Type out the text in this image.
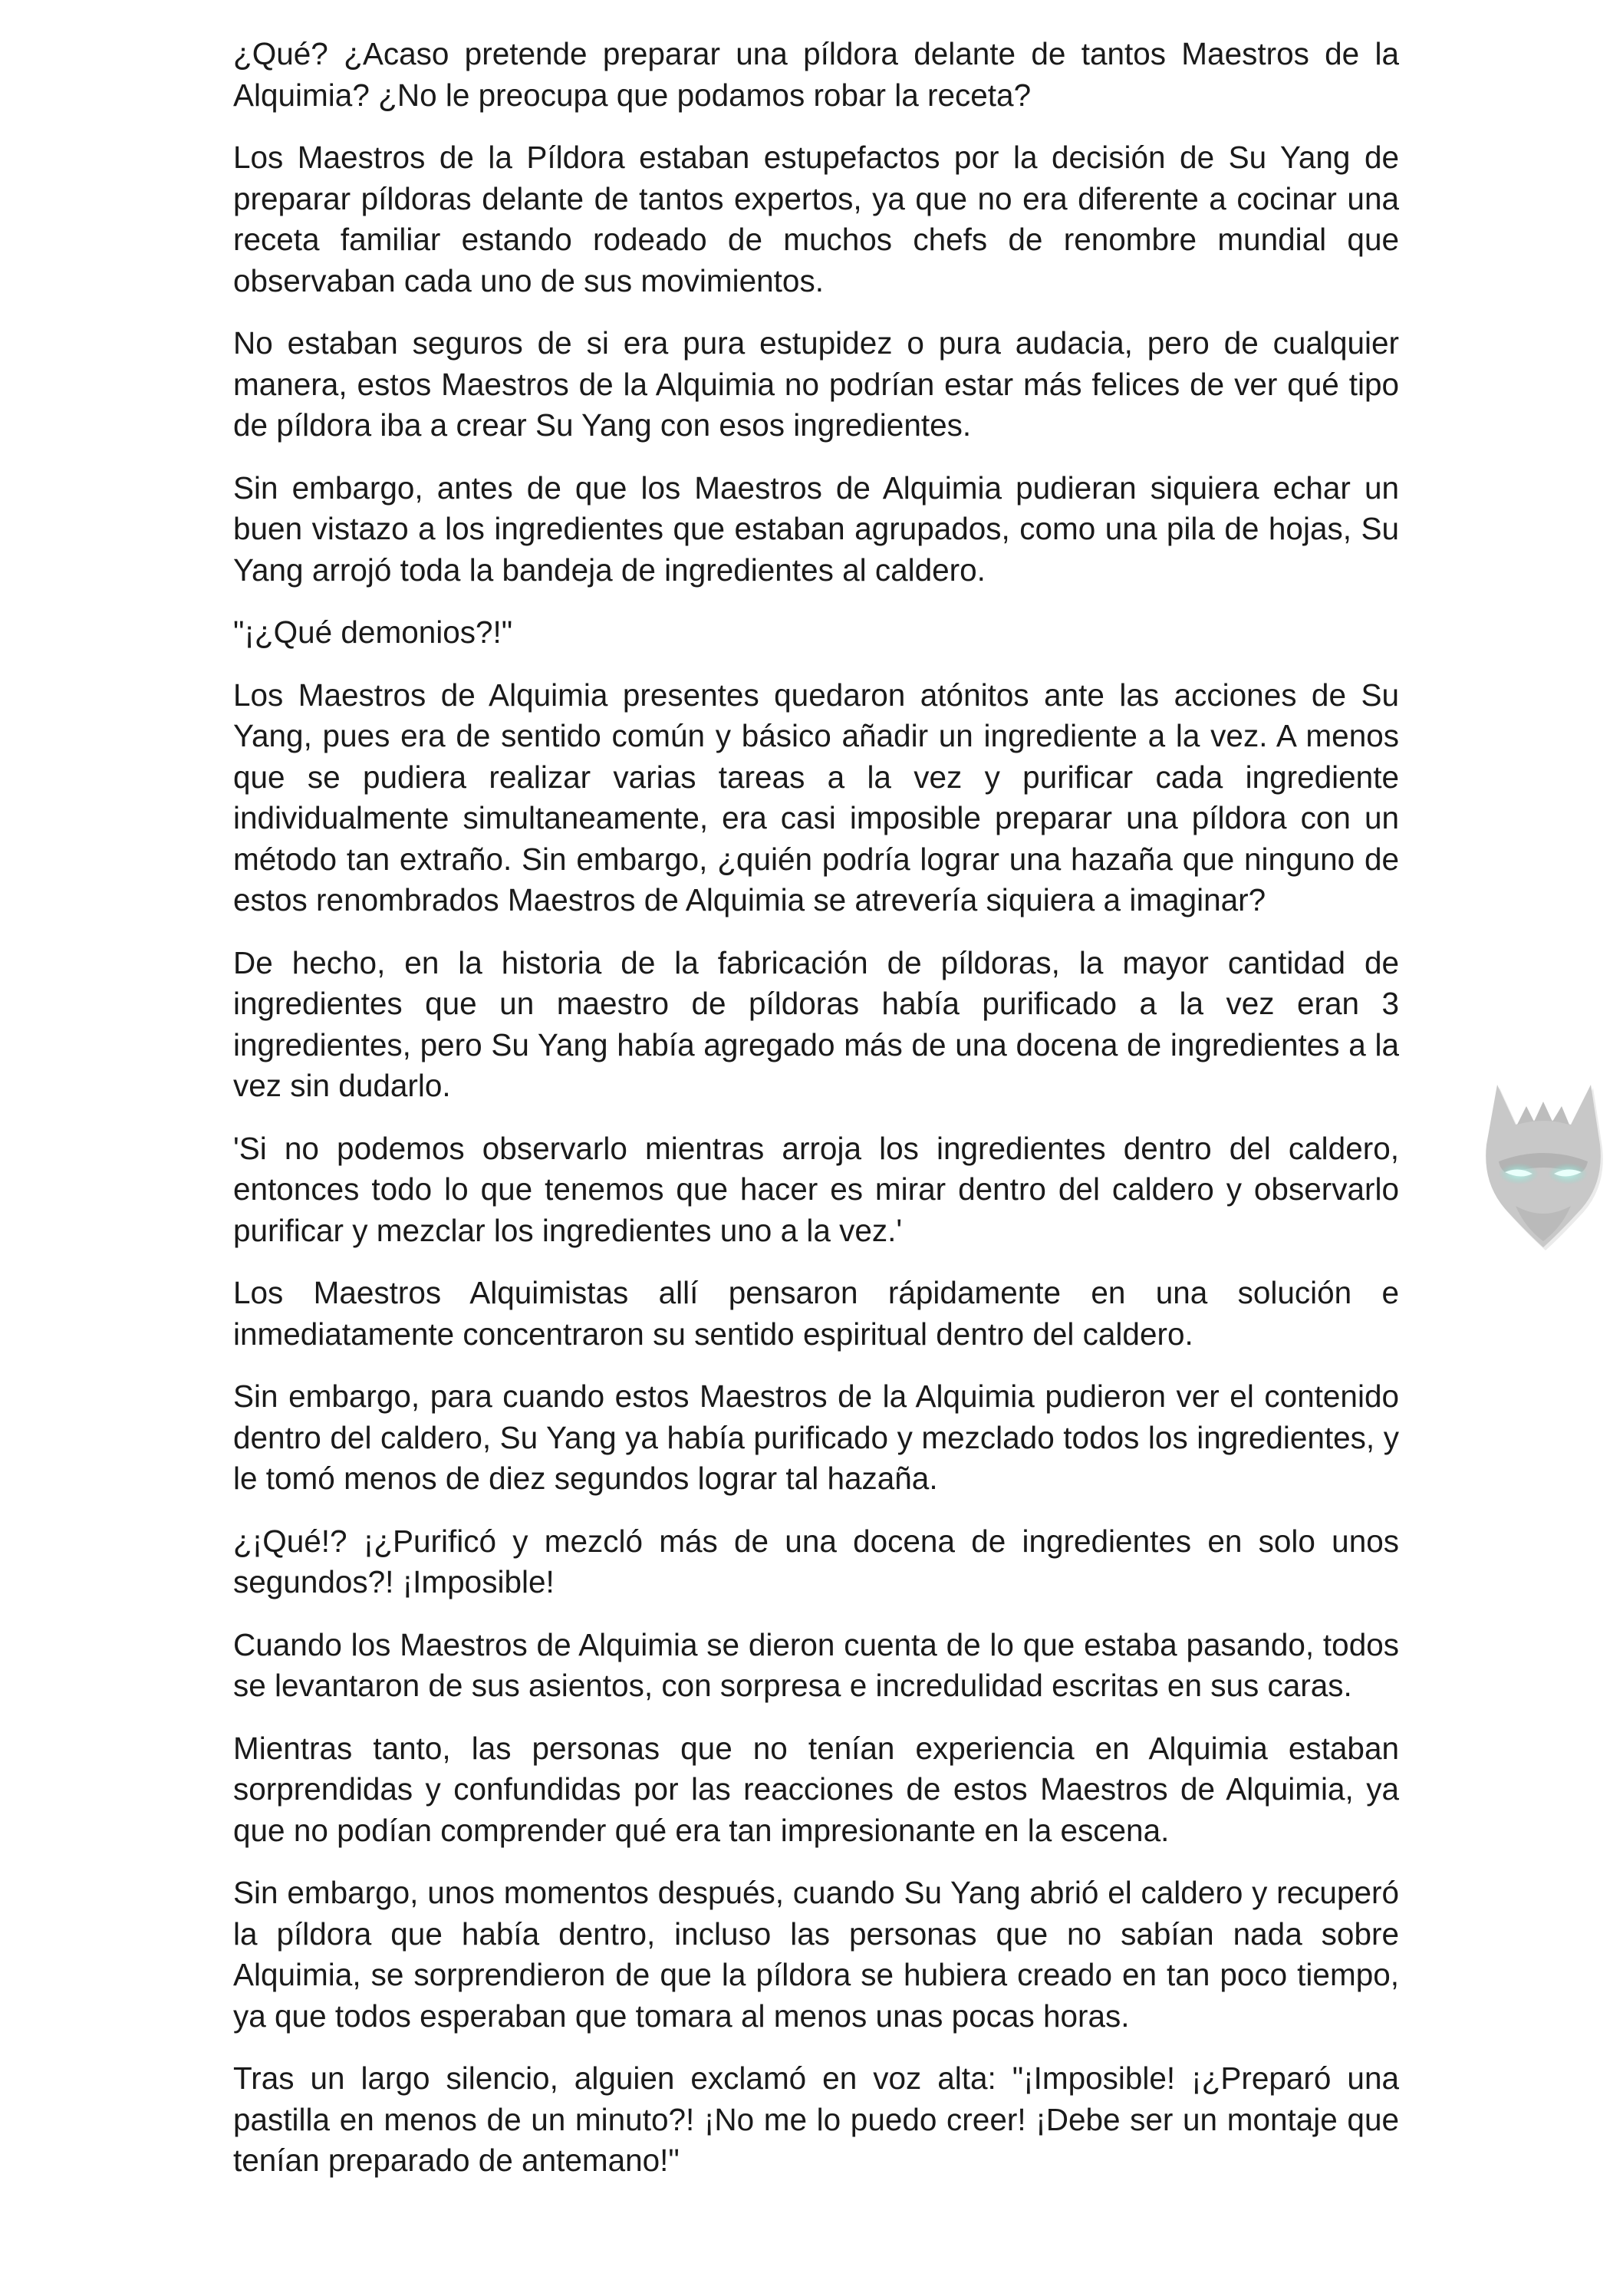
¿Qué? ¿Acaso pretende preparar una píldora delante de tantos Maestros de la Alquimia? ¿No le preocupa que podamos robar la receta?

Los Maestros de la Píldora estaban estupefactos por la decisión de Su Yang de preparar píldoras delante de tantos expertos, ya que no era diferente a cocinar una receta familiar estando rodeado de muchos chefs de renombre mundial que observaban cada uno de sus movimientos.

No estaban seguros de si era pura estupidez o pura audacia, pero de cualquier manera, estos Maestros de la Alquimia no podrían estar más felices de ver qué tipo de píldora iba a crear Su Yang con esos ingredientes.

Sin embargo, antes de que los Maestros de Alquimia pudieran siquiera echar un buen vistazo a los ingredientes que estaban agrupados, como una pila de hojas, Su Yang arrojó toda la bandeja de ingredientes al caldero.

"¡¿Qué demonios?!"

Los Maestros de Alquimia presentes quedaron atónitos ante las acciones de Su Yang, pues era de sentido común y básico añadir un ingrediente a la vez. A menos que se pudiera realizar varias tareas a la vez y purificar cada ingrediente individualmente simultaneamente, era casi imposible preparar una píldora con un método tan extraño. Sin embargo, ¿quién podría lograr una hazaña que ninguno de estos renombrados Maestros de Alquimia se atrevería siquiera a imaginar?

De hecho, en la historia de la fabricación de píldoras, la mayor cantidad de ingredientes que un maestro de píldoras había purificado a la vez eran 3 ingredientes, pero Su Yang había agregado más de una docena de ingredientes a la vez sin dudarlo.

'Si no podemos observarlo mientras arroja los ingredientes dentro del caldero, entonces todo lo que tenemos que hacer es mirar dentro del caldero y observarlo purificar y mezclar los ingredientes uno a la vez.'

Los Maestros Alquimistas allí pensaron rápidamente en una solución e inmediatamente concentraron su sentido espiritual dentro del caldero.

Sin embargo, para cuando estos Maestros de la Alquimia pudieron ver el contenido dentro del caldero, Su Yang ya había purificado y mezclado todos los ingredientes, y le tomó menos de diez segundos lograr tal hazaña.

¿¡Qué!? ¡¿Purificó y mezcló más de una docena de ingredientes en solo unos segundos?! ¡Imposible!

Cuando los Maestros de Alquimia se dieron cuenta de lo que estaba pasando, todos se levantaron de sus asientos, con sorpresa e incredulidad escritas en sus caras.

Mientras tanto, las personas que no tenían experiencia en Alquimia estaban sorprendidas y confundidas por las reacciones de estos Maestros de Alquimia, ya que no podían comprender qué era tan impresionante en la escena.

Sin embargo, unos momentos después, cuando Su Yang abrió el caldero y recuperó la píldora que había dentro, incluso las personas que no sabían nada sobre Alquimia, se sorprendieron de que la píldora se hubiera creado en tan poco tiempo, ya que todos esperaban que tomara al menos unas pocas horas.

Tras un largo silencio, alguien exclamó en voz alta: "¡Imposible! ¡¿Preparó una pastilla en menos de un minuto?! ¡No me lo puedo creer! ¡Debe ser un montaje que tenían preparado de antemano!"
